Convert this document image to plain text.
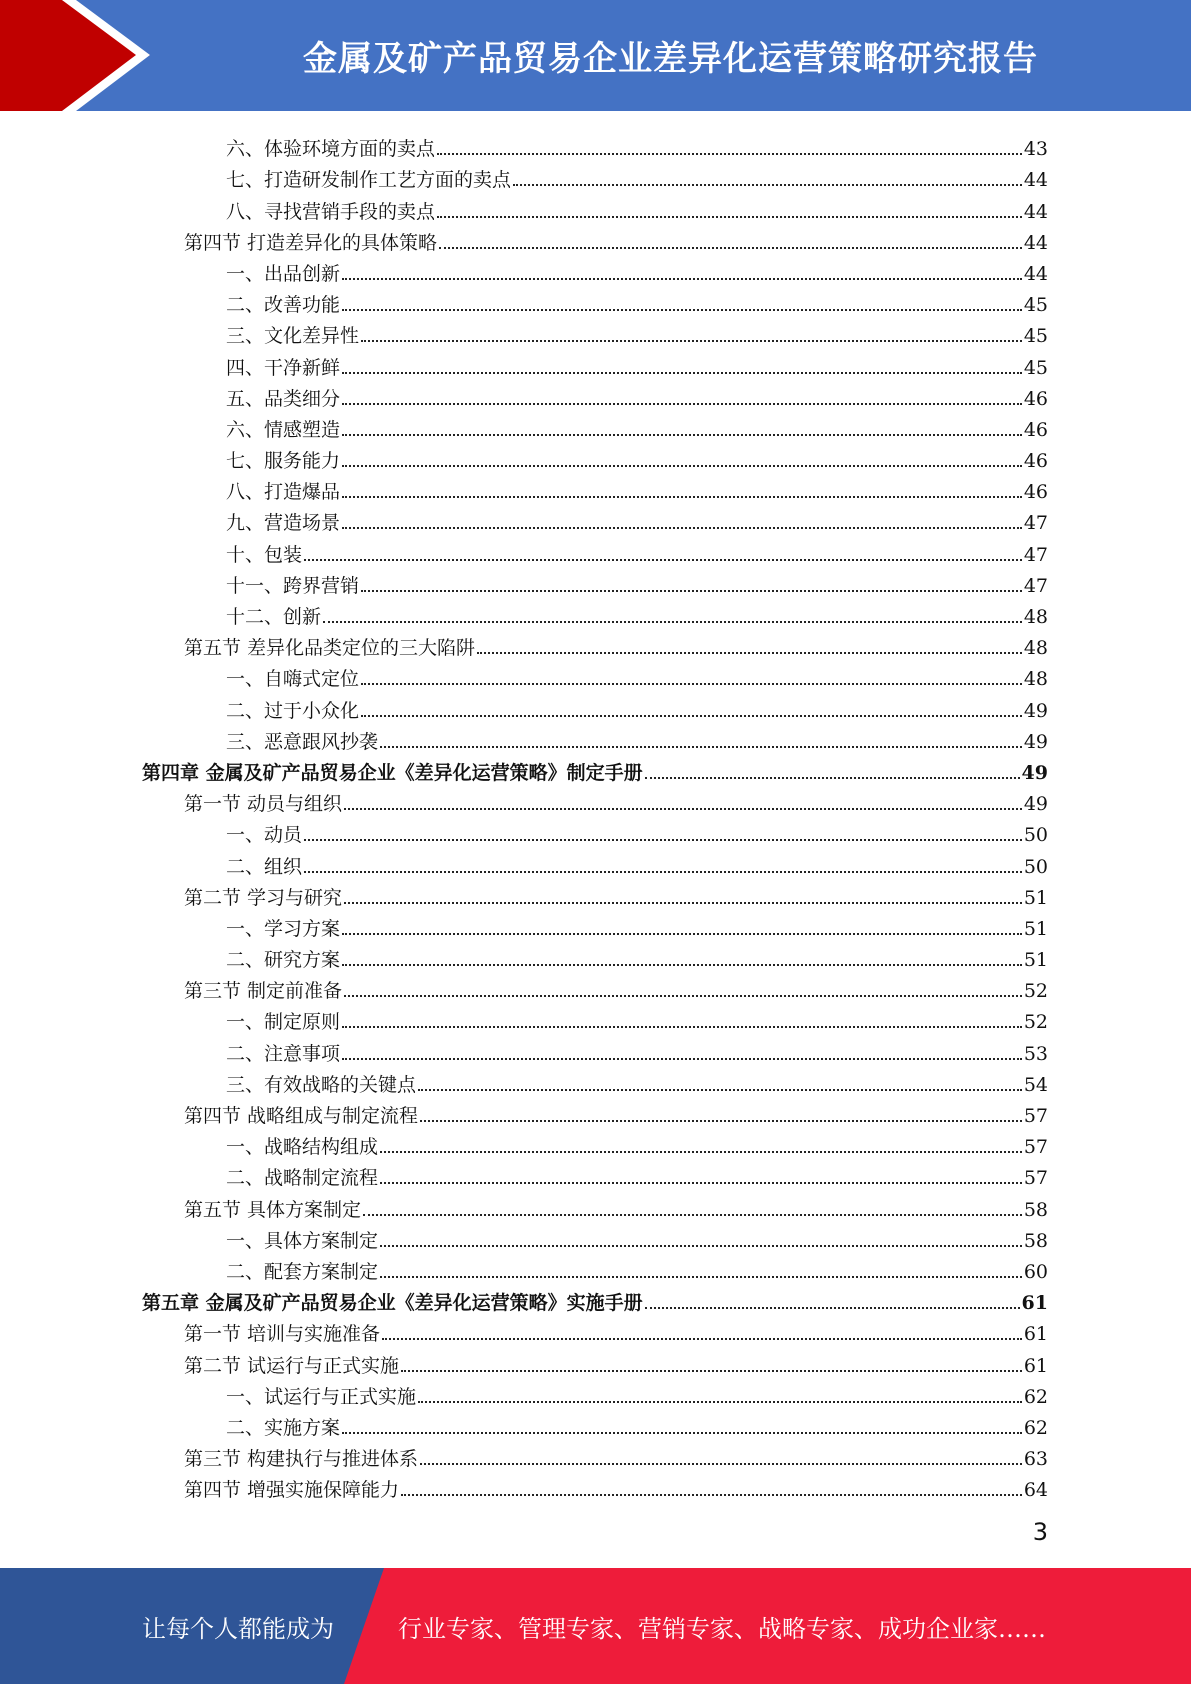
金属及矿产品贸易企业差异化运营策略研究报告
六、体验环境方面的卖点	43
七、打造研发制作工艺方面的卖点	44
八、寻找营销手段的卖点	44
第四节 打造差异化的具体策略	44
一、出品创新	44
二、改善功能	45
三、文化差异性	45
四、干净新鲜	45
五、品类细分	46
六、情感塑造	46
七、服务能力	46
八、打造爆品	46
九、营造场景	47
十、包装	47
十一、跨界营销	47
十二、创新	48
第五节 差异化品类定位的三大陷阱	48
一、自嗨式定位	48
二、过于小众化	49
三、恶意跟风抄袭	49
第四章 金属及矿产品贸易企业《差异化运营策略》制定手册	49
第一节 动员与组织	49
一、动员	50
二、组织	50
第二节 学习与研究	51
一、学习方案	51
二、研究方案	51
第三节 制定前准备	52
一、制定原则	52
二、注意事项	53
三、有效战略的关键点	54
第四节 战略组成与制定流程	57
一、战略结构组成	57
二、战略制定流程	57
第五节 具体方案制定	58
一、具体方案制定	58
二、配套方案制定	60
第五章 金属及矿产品贸易企业《差异化运营策略》实施手册	61
第一节 培训与实施准备	61
第二节 试运行与正式实施	61
一、试运行与正式实施	62
二、实施方案	62
第三节 构建执行与推进体系	63
第四节 增强实施保障能力	64
3
让每个人都能成为	行业专家、管理专家、营销专家、战略专家、成功企业家……
